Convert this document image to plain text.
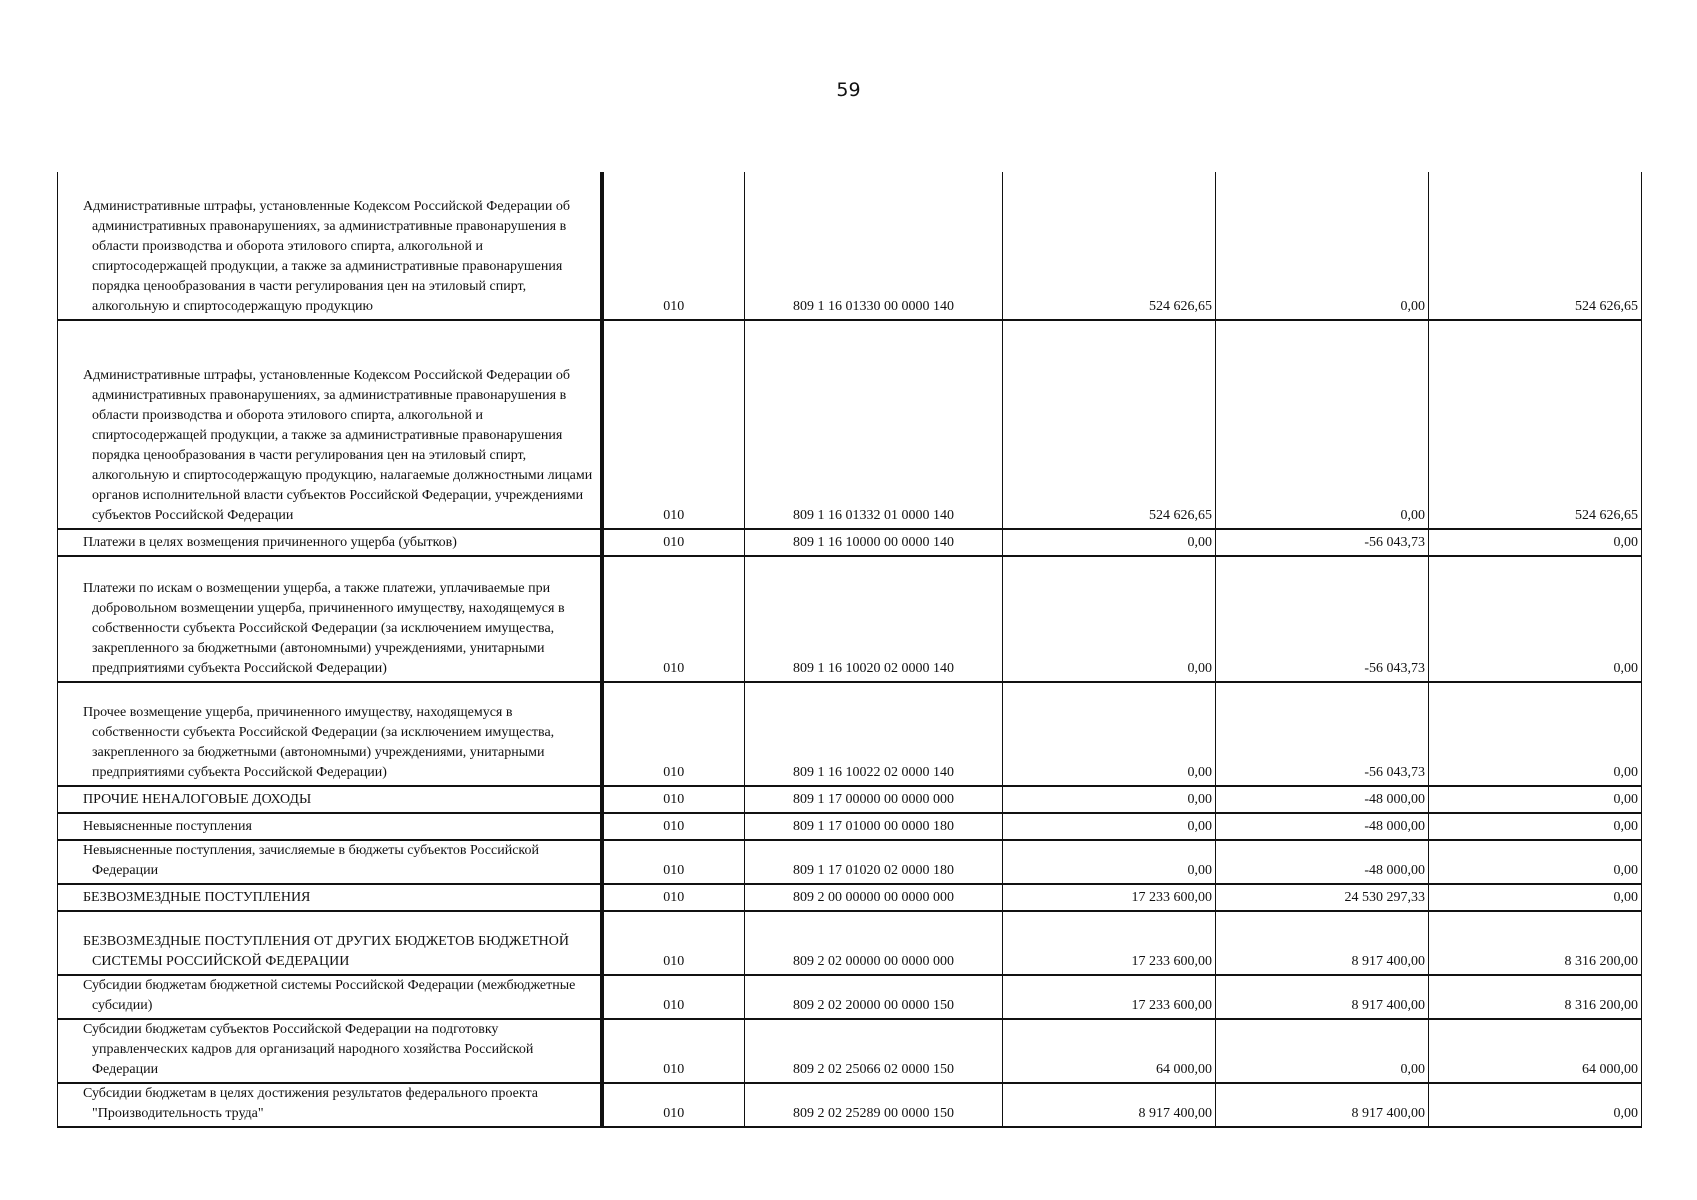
59
Административные штрафы, установленные Кодексом Российской Федерации об административных правонарушениях, за административные правонарушения в области производства и оборота этилового спирта, алкогольной и спиртосодержащей продукции, а также за административные правонарушения порядка ценообразования в части регулирования цен на этиловый спирт, алкогольную и спиртосодержащую продукцию	010	809 1 16 01330 00 0000 140	524 626,65	0,00	524 626,65
Административные штрафы, установленные Кодексом Российской Федерации об административных правонарушениях, за административные правонарушения в области производства и оборота этилового спирта, алкогольной и спиртосодержащей продукции, а также за административные правонарушения порядка ценообразования в части регулирования цен на этиловый спирт, алкогольную и спиртосодержащую продукцию, налагаемые должностными лицами органов исполнительной власти субъектов Российской Федерации, учреждениями субъектов Российской Федерации	010	809 1 16 01332 01 0000 140	524 626,65	0,00	524 626,65
Платежи в целях возмещения причиненного ущерба (убытков)	010	809 1 16 10000 00 0000 140	0,00	-56 043,73	0,00
Платежи по искам о возмещении ущерба, а также платежи, уплачиваемые при добровольном возмещении ущерба, причиненного имуществу, находящемуся в собственности субъекта Российской Федерации (за исключением имущества, закрепленного за бюджетными (автономными) учреждениями, унитарными предприятиями субъекта Российской Федерации)	010	809 1 16 10020 02 0000 140	0,00	-56 043,73	0,00
Прочее возмещение ущерба, причиненного имуществу, находящемуся в собственности субъекта Российской Федерации (за исключением имущества, закрепленного за бюджетными (автономными) учреждениями, унитарными предприятиями субъекта Российской Федерации)	010	809 1 16 10022 02 0000 140	0,00	-56 043,73	0,00
ПРОЧИЕ НЕНАЛОГОВЫЕ ДОХОДЫ	010	809 1 17 00000 00 0000 000	0,00	-48 000,00	0,00
Невыясненные поступления	010	809 1 17 01000 00 0000 180	0,00	-48 000,00	0,00
Невыясненные поступления, зачисляемые в бюджеты субъектов Российской Федерации	010	809 1 17 01020 02 0000 180	0,00	-48 000,00	0,00
БЕЗВОЗМЕЗДНЫЕ ПОСТУПЛЕНИЯ	010	809 2 00 00000 00 0000 000	17 233 600,00	24 530 297,33	0,00
БЕЗВОЗМЕЗДНЫЕ ПОСТУПЛЕНИЯ ОТ ДРУГИХ БЮДЖЕТОВ БЮДЖЕТНОЙ СИСТЕМЫ РОССИЙСКОЙ ФЕДЕРАЦИИ	010	809 2 02 00000 00 0000 000	17 233 600,00	8 917 400,00	8 316 200,00
Субсидии бюджетам бюджетной системы Российской Федерации (межбюджетные субсидии)	010	809 2 02 20000 00 0000 150	17 233 600,00	8 917 400,00	8 316 200,00
Субсидии бюджетам субъектов Российской Федерации на подготовку управленческих кадров для организаций народного хозяйства Российской Федерации	010	809 2 02 25066 02 0000 150	64 000,00	0,00	64 000,00
Субсидии бюджетам в целях достижения результатов федерального проекта "Производительность труда"	010	809 2 02 25289 00 0000 150	8 917 400,00	8 917 400,00	0,00
